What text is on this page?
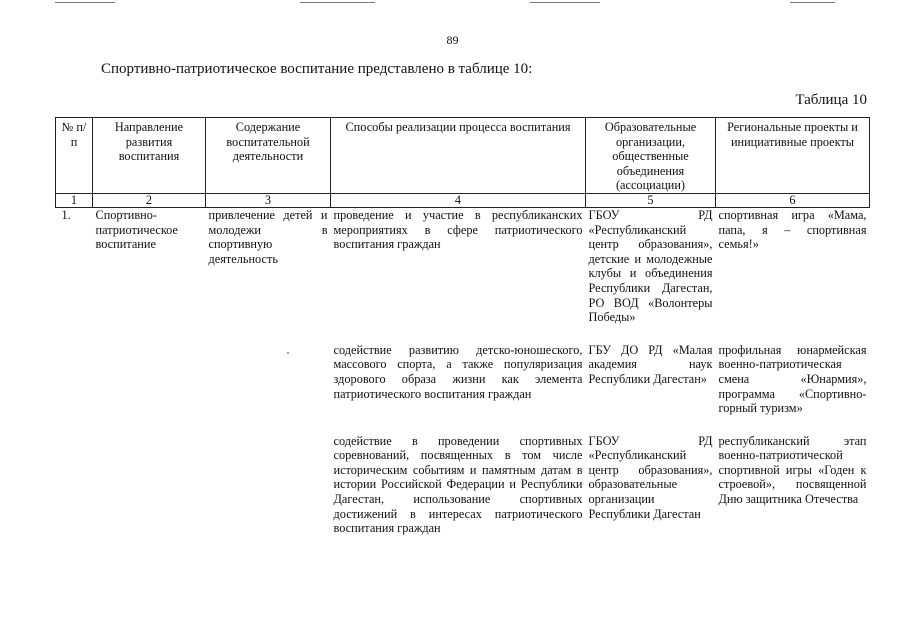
89
Спортивно-патриотическое воспитание представлено в таблице 10:
Таблица 10
№ п/п	Направление развития воспитания	Содержание воспитательной деятельности	Способы реализации процесса воспитания	Образовательные организации, общественные объединения (ассоциации)	Региональные проекты и инициативные проекты
1	2	3	4	5	6
1.	Спортивно-патриотическое воспитание	привлечение детей и молодежи в спортивную деятельность	проведение и участие в республиканских мероприятиях в сфере патриотического воспитания граждан	ГБОУ РД «Республиканский центр образования», детские и молодежные клубы и объединения Республики Дагестан, РО ВОД «Волонтеры Победы»	спортивная игра «Мама, папа, я – спортивная семья!»

			содействие развитию детско-юношеского, массового спорта, а также популяризация здорового образа жизни как элемента патриотического воспитания граждан	ГБУ ДО РД «Малая академия наук Республики Дагестан»	профильная юнармейская военно-патриотическая смена «Юнармия», программа «Спортивно-горный туризм»

			содействие в проведении спортивных соревнований, посвященных в том числе историческим событиям и памятным датам в истории Российской Федерации и Республики Дагестан, использование спортивных достижений в интересах патриотического воспитания граждан	ГБОУ РД «Республиканский центр образования», образовательные организации Республики Дагестан	республиканский этап военно-патриотической спортивной игры «Годен к строевой», посвященной Дню защитника Отечества
